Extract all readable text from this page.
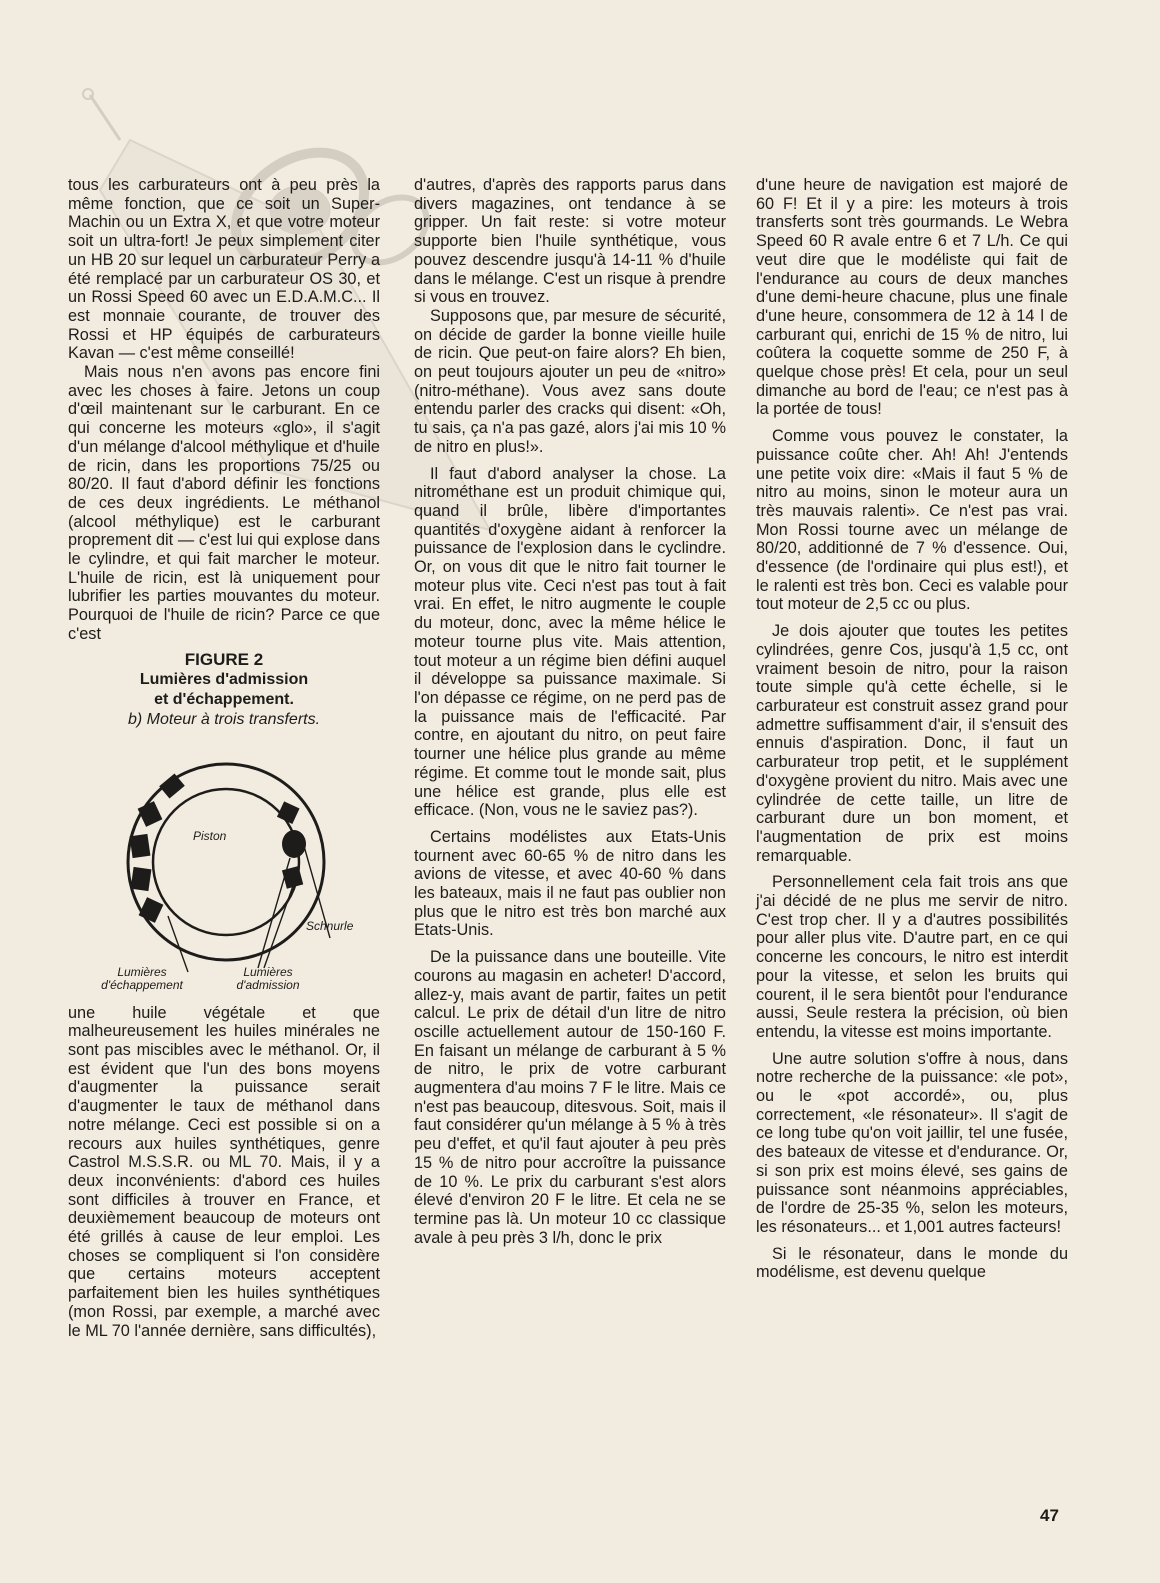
tous les carburateurs ont à peu près la même fonction, que ce soit un Super-Machin ou un Extra X, et que votre moteur soit un ultra-fort! Je peux simplement citer un HB 20 sur lequel un carburateur Perry a été remplacé par un carburateur OS 30, et un Rossi Speed 60 avec un E.D.A.M.C... Il est monnaie courante, de trouver des Rossi et HP équipés de carburateurs Kavan — c'est même conseillé!

Mais nous n'en avons pas encore fini avec les choses à faire. Jetons un coup d'œil maintenant sur le carburant. En ce qui concerne les moteurs «glo», il s'agit d'un mélange d'alcool méthylique et d'huile de ricin, dans les proportions 75/25 ou 80/20. Il faut d'abord définir les fonctions de ces deux ingrédients. Le méthanol (alcool méthylique) est le carburant proprement dit — c'est lui qui explose dans le cylindre, et qui fait marcher le moteur. L'huile de ricin, est là uniquement pour lubrifier les parties mouvantes du moteur. Pourquoi de l'huile de ricin? Parce ce que c'est

FIGURE 2
Lumières d'admission
et d'échappement.
b) Moteur à trois transferts.
Piston
Schnurle
Lumières
d'échappement
Lumières
d'admission

une huile végétale et que malheureusement les huiles minérales ne sont pas miscibles avec le méthanol. Or, il est évident que l'un des bons moyens d'augmenter la puissance serait d'augmenter le taux de méthanol dans notre mélange. Ceci est possible si on a recours aux huiles synthétiques, genre Castrol M.S.S.R. ou ML 70. Mais, il y a deux inconvénients: d'abord ces huiles sont difficiles à trouver en France, et deuxièmement beaucoup de moteurs ont été grillés à cause de leur emploi. Les choses se compliquent si l'on considère que certains moteurs acceptent parfaitement bien les huiles synthétiques (mon Rossi, par exemple, a marché avec le ML 70 l'année dernière, sans difficultés),

d'autres, d'après des rapports parus dans divers magazines, ont tendance à se gripper. Un fait reste: si votre moteur supporte bien l'huile synthétique, vous pouvez descendre jusqu'à 14-11 % d'huile dans le mélange. C'est un risque à prendre si vous en trouvez.

Supposons que, par mesure de sécurité, on décide de garder la bonne vieille huile de ricin. Que peut-on faire alors? Eh bien, on peut toujours ajouter un peu de «nitro» (nitro-méthane). Vous avez sans doute entendu parler des cracks qui disent: «Oh, tu sais, ça n'a pas gazé, alors j'ai mis 10 % de nitro en plus!».

Il faut d'abord analyser la chose. La nitrométhane est un produit chimique qui, quand il brûle, libère d'importantes quantités d'oxygène aidant à renforcer la puissance de l'explosion dans le cyclindre. Or, on vous dit que le nitro fait tourner le moteur plus vite. Ceci n'est pas tout à fait vrai. En effet, le nitro augmente le couple du moteur, donc, avec la même hélice le moteur tourne plus vite. Mais attention, tout moteur a un régime bien défini auquel il développe sa puissance maximale. Si l'on dépasse ce régime, on ne perd pas de la puissance mais de l'efficacité. Par contre, en ajoutant du nitro, on peut faire tourner une hélice plus grande au même régime. Et comme tout le monde sait, plus une hélice est grande, plus elle est efficace. (Non, vous ne le saviez pas?).

Certains modélistes aux Etats-Unis tournent avec 60-65 % de nitro dans les avions de vitesse, et avec 40-60 % dans les bateaux, mais il ne faut pas oublier non plus que le nitro est très bon marché aux Etats-Unis.

De la puissance dans une bouteille. Vite courons au magasin en acheter! D'accord, allez-y, mais avant de partir, faites un petit calcul. Le prix de détail d'un litre de nitro oscille actuellement autour de 150-160 F. En faisant un mélange de carburant à 5 % de nitro, le prix de votre carburant augmentera d'au moins 7 F le litre. Mais ce n'est pas beaucoup, ditesvous. Soit, mais il faut considérer qu'un mélange à 5 % à très peu d'effet, et qu'il faut ajouter à peu près 15 % de nitro pour accroître la puissance de 10 %. Le prix du carburant s'est alors élevé d'environ 20 F le litre. Et cela ne se termine pas là. Un moteur 10 cc classique avale à peu près 3 l/h, donc le prix

d'une heure de navigation est majoré de 60 F! Et il y a pire: les moteurs à trois transferts sont très gourmands. Le Webra Speed 60 R avale entre 6 et 7 L/h. Ce qui veut dire que le modéliste qui fait de l'endurance au cours de deux manches d'une demi-heure chacune, plus une finale d'une heure, consommera de 12 à 14 l de carburant qui, enrichi de 15 % de nitro, lui coûtera la coquette somme de 250 F, à quelque chose près! Et cela, pour un seul dimanche au bord de l'eau; ce n'est pas à la portée de tous!

Comme vous pouvez le constater, la puissance coûte cher. Ah! Ah! J'entends une petite voix dire: «Mais il faut 5 % de nitro au moins, sinon le moteur aura un très mauvais ralenti». Ce n'est pas vrai. Mon Rossi tourne avec un mélange de 80/20, additionné de 7 % d'essence. Oui, d'essence (de l'ordinaire qui plus est!), et le ralenti est très bon. Ceci es valable pour tout moteur de 2,5 cc ou plus.

Je dois ajouter que toutes les petites cylindrées, genre Cos, jusqu'à 1,5 cc, ont vraiment besoin de nitro, pour la raison toute simple qu'à cette échelle, si le carburateur est construit assez grand pour admettre suffisamment d'air, il s'ensuit des ennuis d'aspiration. Donc, il faut un carburateur trop petit, et le supplément d'oxygène provient du nitro. Mais avec une cylindrée de cette taille, un litre de carburant dure un bon moment, et l'augmentation de prix est moins remarquable.

Personnellement cela fait trois ans que j'ai décidé de ne plus me servir de nitro. C'est trop cher. Il y a d'autres possibilités pour aller plus vite. D'autre part, en ce qui concerne les concours, le nitro est interdit pour la vitesse, et selon les bruits qui courent, il le sera bientôt pour l'endurance aussi, Seule restera la précision, où bien entendu, la vitesse est moins importante.

Une autre solution s'offre à nous, dans notre recherche de la puissance: «le pot», ou le «pot accordé», ou, plus correctement, «le résonateur». Il s'agit de ce long tube qu'on voit jaillir, tel une fusée, des bateaux de vitesse et d'endurance. Or, si son prix est moins élevé, ses gains de puissance sont néanmoins appréciables, de l'ordre de 25-35 %, selon les moteurs, les résonateurs... et 1,001 autres facteurs!

Si le résonateur, dans le monde du modélisme, est devenu quelque

47
